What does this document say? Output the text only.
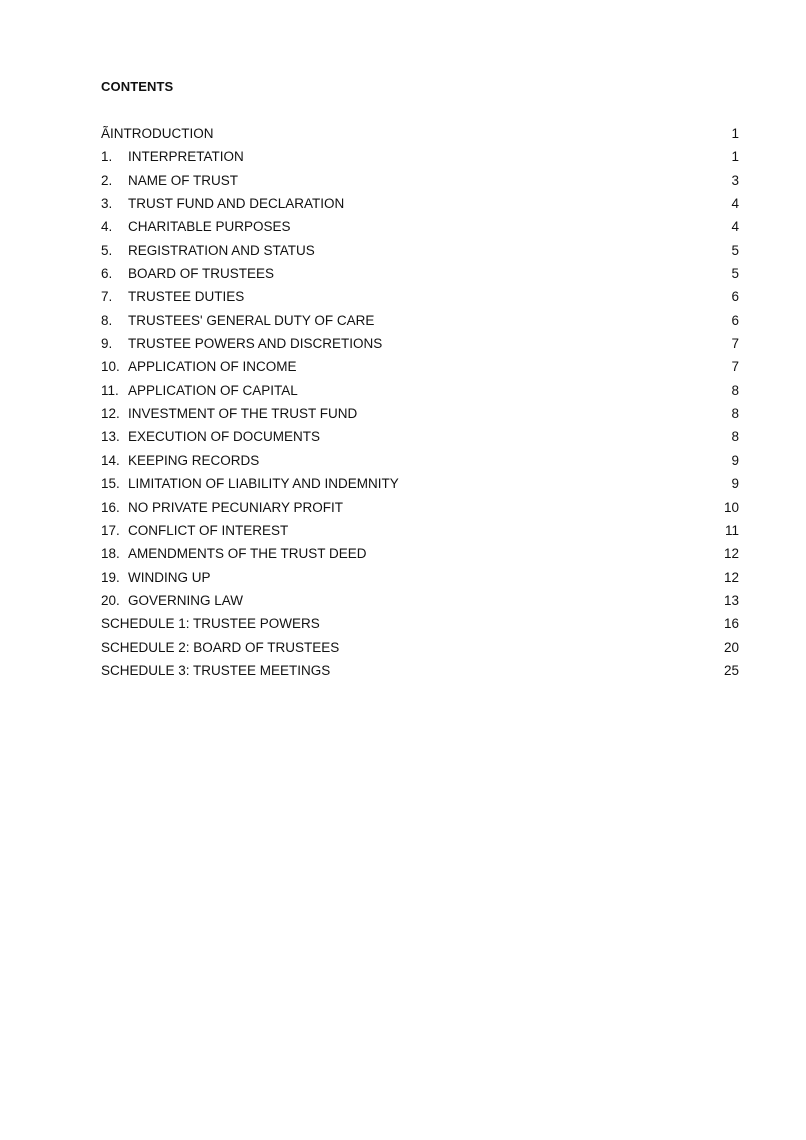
CONTENTS
ÃINTRODUCTION	1
1. INTERPRETATION	1
2. NAME OF TRUST	3
3. TRUST FUND AND DECLARATION	4
4. CHARITABLE PURPOSES	4
5. REGISTRATION AND STATUS	5
6. BOARD OF TRUSTEES	5
7. TRUSTEE DUTIES	6
8. TRUSTEES' GENERAL DUTY OF CARE	6
9. TRUSTEE POWERS AND DISCRETIONS	7
10. APPLICATION OF INCOME	7
11. APPLICATION OF CAPITAL	8
12. INVESTMENT OF THE TRUST FUND	8
13. EXECUTION OF DOCUMENTS	8
14. KEEPING RECORDS	9
15. LIMITATION OF LIABILITY AND INDEMNITY	9
16. NO PRIVATE PECUNIARY PROFIT	10
17. CONFLICT OF INTEREST	11
18. AMENDMENTS OF THE TRUST DEED	12
19. WINDING UP	12
20. GOVERNING LAW	13
SCHEDULE 1: TRUSTEE POWERS	16
SCHEDULE 2: BOARD OF TRUSTEES	20
SCHEDULE 3: TRUSTEE MEETINGS	25
